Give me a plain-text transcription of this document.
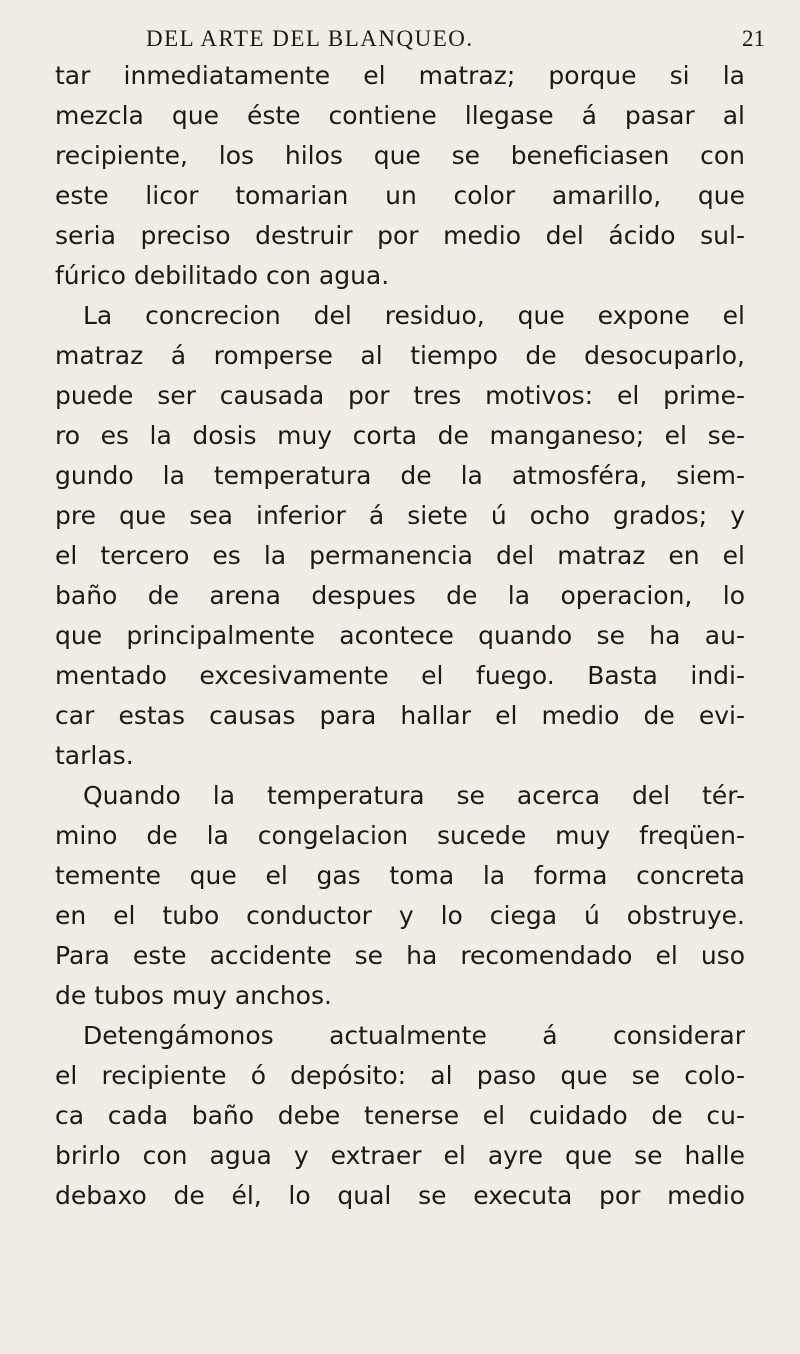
DEL ARTE DEL BLANQUEO.	21
tar inmediatamente el matraz; porque si la
mezcla que éste contiene llegase á pasar al
recipiente, los hilos que se beneficiasen con
este licor tomarian un color amarillo, que
seria preciso destruir por medio del ácido sul-
fúrico debilitado con agua.
La concrecion del residuo, que expone el
matraz á romperse al tiempo de desocuparlo,
puede ser causada por tres motivos: el prime-
ro es la dosis muy corta de manganeso; el se-
gundo la temperatura de la atmosféra, siem-
pre que sea inferior á siete ú ocho grados; y
el tercero es la permanencia del matraz en el
baño de arena despues de la operacion, lo
que principalmente acontece quando se ha au-
mentado excesivamente el fuego. Basta indi-
car estas causas para hallar el medio de evi-
tarlas.
Quando la temperatura se acerca del tér-
mino de la congelacion sucede muy freqüen-
temente que el gas toma la forma concreta
en el tubo conductor y lo ciega ú obstruye.
Para este accidente se ha recomendado el uso
de tubos muy anchos.
Detengámonos actualmente á considerar
el recipiente ó depósito: al paso que se colo-
ca cada baño debe tenerse el cuidado de cu-
brirlo con agua y extraer el ayre que se halle
debaxo de él, lo qual se executa por medio
